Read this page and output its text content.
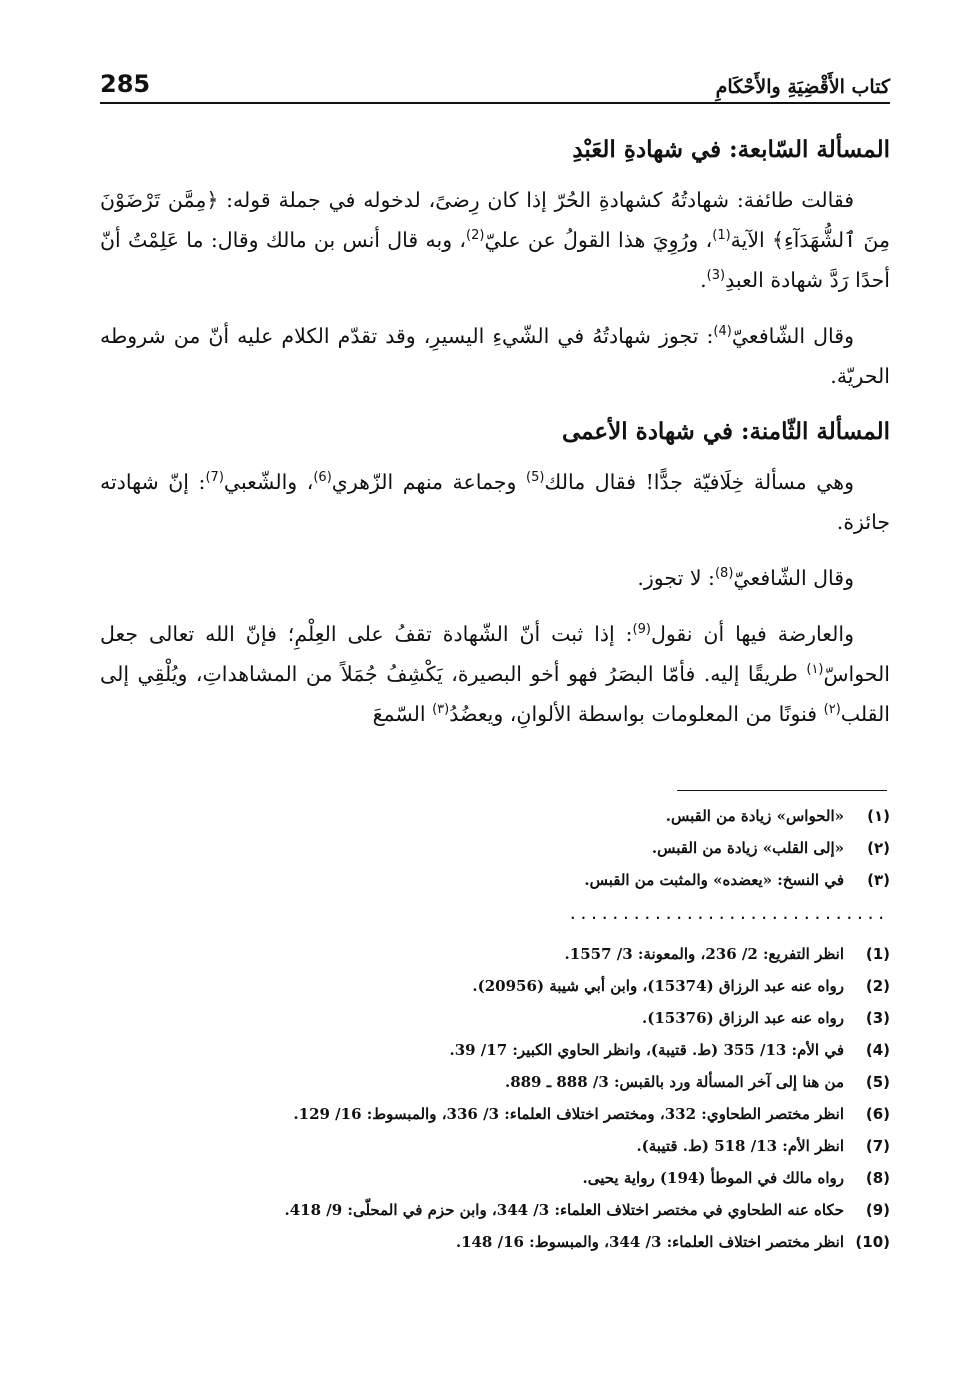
كتاب الأَقْضِيَةِ والأَحْكَامِ
285
المسألة السّابعة: في شهادةِ العَبْدِ

فقالت طائفة: شهادتُهُ كشهادةِ الحُرّ إذا كان رِضىً، لدخوله في جملة قوله: ﴿مِمَّن تَرْضَوْنَ مِنَ ٱلشُّهَدَآءِ﴾ الآية$^{(1)}$، ورُوِيَ هذا القولُ عن عليّ$^{(2)}$، وبه قال أنس بن مالك وقال: ما عَلِمْتُ أنّ أحدًا رَدَّ شهادة العبدِ$^{(3)}$.

وقال الشّافعيّ$^{(4)}$: تجوز شهادتُهُ في الشّيءِ اليسيرِ، وقد تقدّم الكلام عليه أنّ من شروطه الحريّة.

المسألة الثّامنة: في شهادة الأعمى

وهي مسألة خِلَافيّة جدًّا! فقال مالك$^{(5)}$ وجماعة منهم الزّهري$^{(6)}$، والشّعبي$^{(7)}$: إنّ شهادته جائزة.

وقال الشّافعيّ$^{(8)}$: لا تجوز.

والعارضة فيها أن نقول$^{(9)}$: إذا ثبت أنّ الشّهادة تقفُ على العِلْمِ؛ فإنّ الله تعالى جعل الحواسّ$^{(١)}$ طريقًا إليه. فأمّا البصَرُ فهو أخو البصيرة، يَكْشِفُ جُمَلاً من المشاهداتِ، ويُلْقِي إلى القلب$^{(٢)}$ فنونًا من المعلومات بواسطة الألوانِ، ويعضُدُ$^{(٣)}$ السّمعَ

(١)
«الحواس» زيادة من القبس.
(٢)
«إلى القلب» زيادة من القبس.
(٣)
في النسخ: «يعضده» والمثبت من القبس.
..............................
(1)
انظر التفريع: 2/ 236، والمعونة: 3/ 1557.
(2)
رواه عنه عبد الرزاق (15374)، وابن أبي شيبة (20956).
(3)
رواه عنه عبد الرزاق (15376).
(4)
في الأم: 13/ 355 (ط. قتيبة)، وانظر الحاوي الكبير: 17/ 39.
(5)
من هنا إلى آخر المسألة ورد بالقبس: 3/ 888 ـ 889.
(6)
انظر مختصر الطحاوي: 332، ومختصر اختلاف العلماء: 3/ 336، والمبسوط: 16/ 129.
(7)
انظر الأم: 13/ 518 (ط. قتيبة).
(8)
رواه مالك في الموطأ (194) رواية يحيى.
(9)
حكاه عنه الطحاوي في مختصر اختلاف العلماء: 3/ 344، وابن حزم في المحلّى: 9/ 418.
(10)
انظر مختصر اختلاف العلماء: 3/ 344، والمبسوط: 16/ 148.
